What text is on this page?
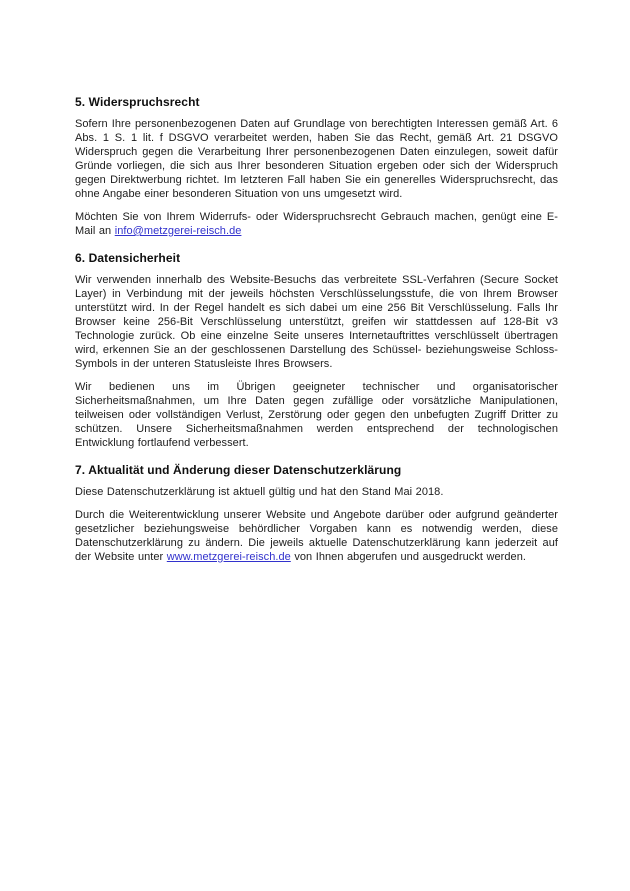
5. Widerspruchsrecht

Sofern Ihre personenbezogenen Daten auf Grundlage von berechtigten Interessen gemäß Art. 6 Abs. 1 S. 1 lit. f DSGVO verarbeitet werden, haben Sie das Recht, gemäß Art. 21 DSGVO Widerspruch gegen die Verarbeitung Ihrer personenbezogenen Daten einzulegen, soweit dafür Gründe vorliegen, die sich aus Ihrer besonderen Situation ergeben oder sich der Widerspruch gegen Direktwerbung richtet. Im letzteren Fall haben Sie ein generelles Widerspruchsrecht, das ohne Angabe einer besonderen Situation von uns umgesetzt wird.

Möchten Sie von Ihrem Widerrufs- oder Widerspruchsrecht Gebrauch machen, genügt eine E-Mail an info@metzgerei-reisch.de

6. Datensicherheit

Wir verwenden innerhalb des Website-Besuchs das verbreitete SSL-Verfahren (Secure Socket Layer) in Verbindung mit der jeweils höchsten Verschlüsselungsstufe, die von Ihrem Browser unterstützt wird. In der Regel handelt es sich dabei um eine 256 Bit Verschlüsselung. Falls Ihr Browser keine 256-Bit Verschlüsselung unterstützt, greifen wir stattdessen auf 128-Bit v3 Technologie zurück. Ob eine einzelne Seite unseres Internetauftrittes verschlüsselt übertragen wird, erkennen Sie an der geschlossenen Darstellung des Schüssel- beziehungsweise Schloss-Symbols in der unteren Statusleiste Ihres Browsers.

Wir bedienen uns im Übrigen geeigneter technischer und organisatorischer Sicherheitsmaßnahmen, um Ihre Daten gegen zufällige oder vorsätzliche Manipulationen, teilweisen oder vollständigen Verlust, Zerstörung oder gegen den unbefugten Zugriff Dritter zu schützen. Unsere Sicherheitsmaßnahmen werden entsprechend der technologischen Entwicklung fortlaufend verbessert.

7. Aktualität und Änderung dieser Datenschutzerklärung

Diese Datenschutzerklärung ist aktuell gültig und hat den Stand Mai 2018.

Durch die Weiterentwicklung unserer Website und Angebote darüber oder aufgrund geänderter gesetzlicher beziehungsweise behördlicher Vorgaben kann es notwendig werden, diese Datenschutzerklärung zu ändern. Die jeweils aktuelle Datenschutzerklärung kann jederzeit auf der Website unter www.metzgerei-reisch.de von Ihnen abgerufen und ausgedruckt werden.
